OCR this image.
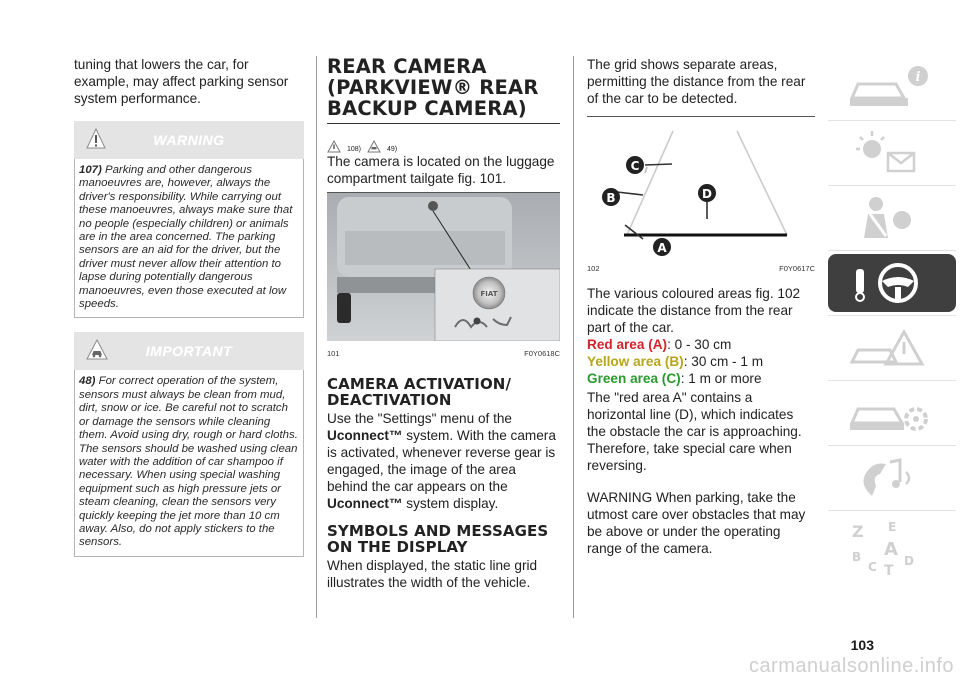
tuning that lowers the car, for example, may affect parking sensor system performance.

WARNING
107) Parking and other dangerous manoeuvres are, however, always the driver's responsibility. While carrying out these manoeuvres, always make sure that no people (especially children) or animals are in the area concerned. The parking sensors are an aid for the driver, but the driver must never allow their attention to lapse during potentially dangerous manoeuvres, even those executed at low speeds.
IMPORTANT
48) For correct operation of the system, sensors must always be clean from mud, dirt, snow or ice. Be careful not to scratch or damage the sensors while cleaning them. Avoid using dry, rough or hard cloths. The sensors should be washed using clean water with the addition of car shampoo if necessary. When using special washing equipment such as high pressure jets or steam cleaning, clean the sensors very quickly keeping the jet more than 10 cm away. Also, do not apply stickers to the sensors.
REAR CAMERA (PARKVIEW® REAR BACKUP CAMERA)
108)	49)

The camera is located on the luggage compartment tailgate fig. 101.

FIAT
101	F0Y0618C
CAMERA ACTIVATION/ DEACTIVATION

Use the "Settings" menu of the Uconnect™ system. With the camera is activated, whenever reverse gear is engaged, the image of the area behind the car appears on the Uconnect™ system display.

SYMBOLS AND MESSAGES ON THE DISPLAY

When displayed, the static line grid illustrates the width of the vehicle.

The grid shows separate areas, permitting the distance from the rear of the car to be detected.

C
B	D
A
102	F0Y0617C

The various coloured areas fig. 102 indicate the distance from the rear part of the car.

Red area (A): 0 - 30 cm

Yellow area (B): 30 cm - 1 m

Green area (C): 1 m or more

The "red area A" contains a horizontal line (D), which indicates the obstacle the car is approaching. Therefore, take special care when reversing.

WARNING When parking, take the utmost care over obstacles that may be above or under the operating range of the camera.

i
Z E
B A
C T
D
103
carmanualsonline.info
